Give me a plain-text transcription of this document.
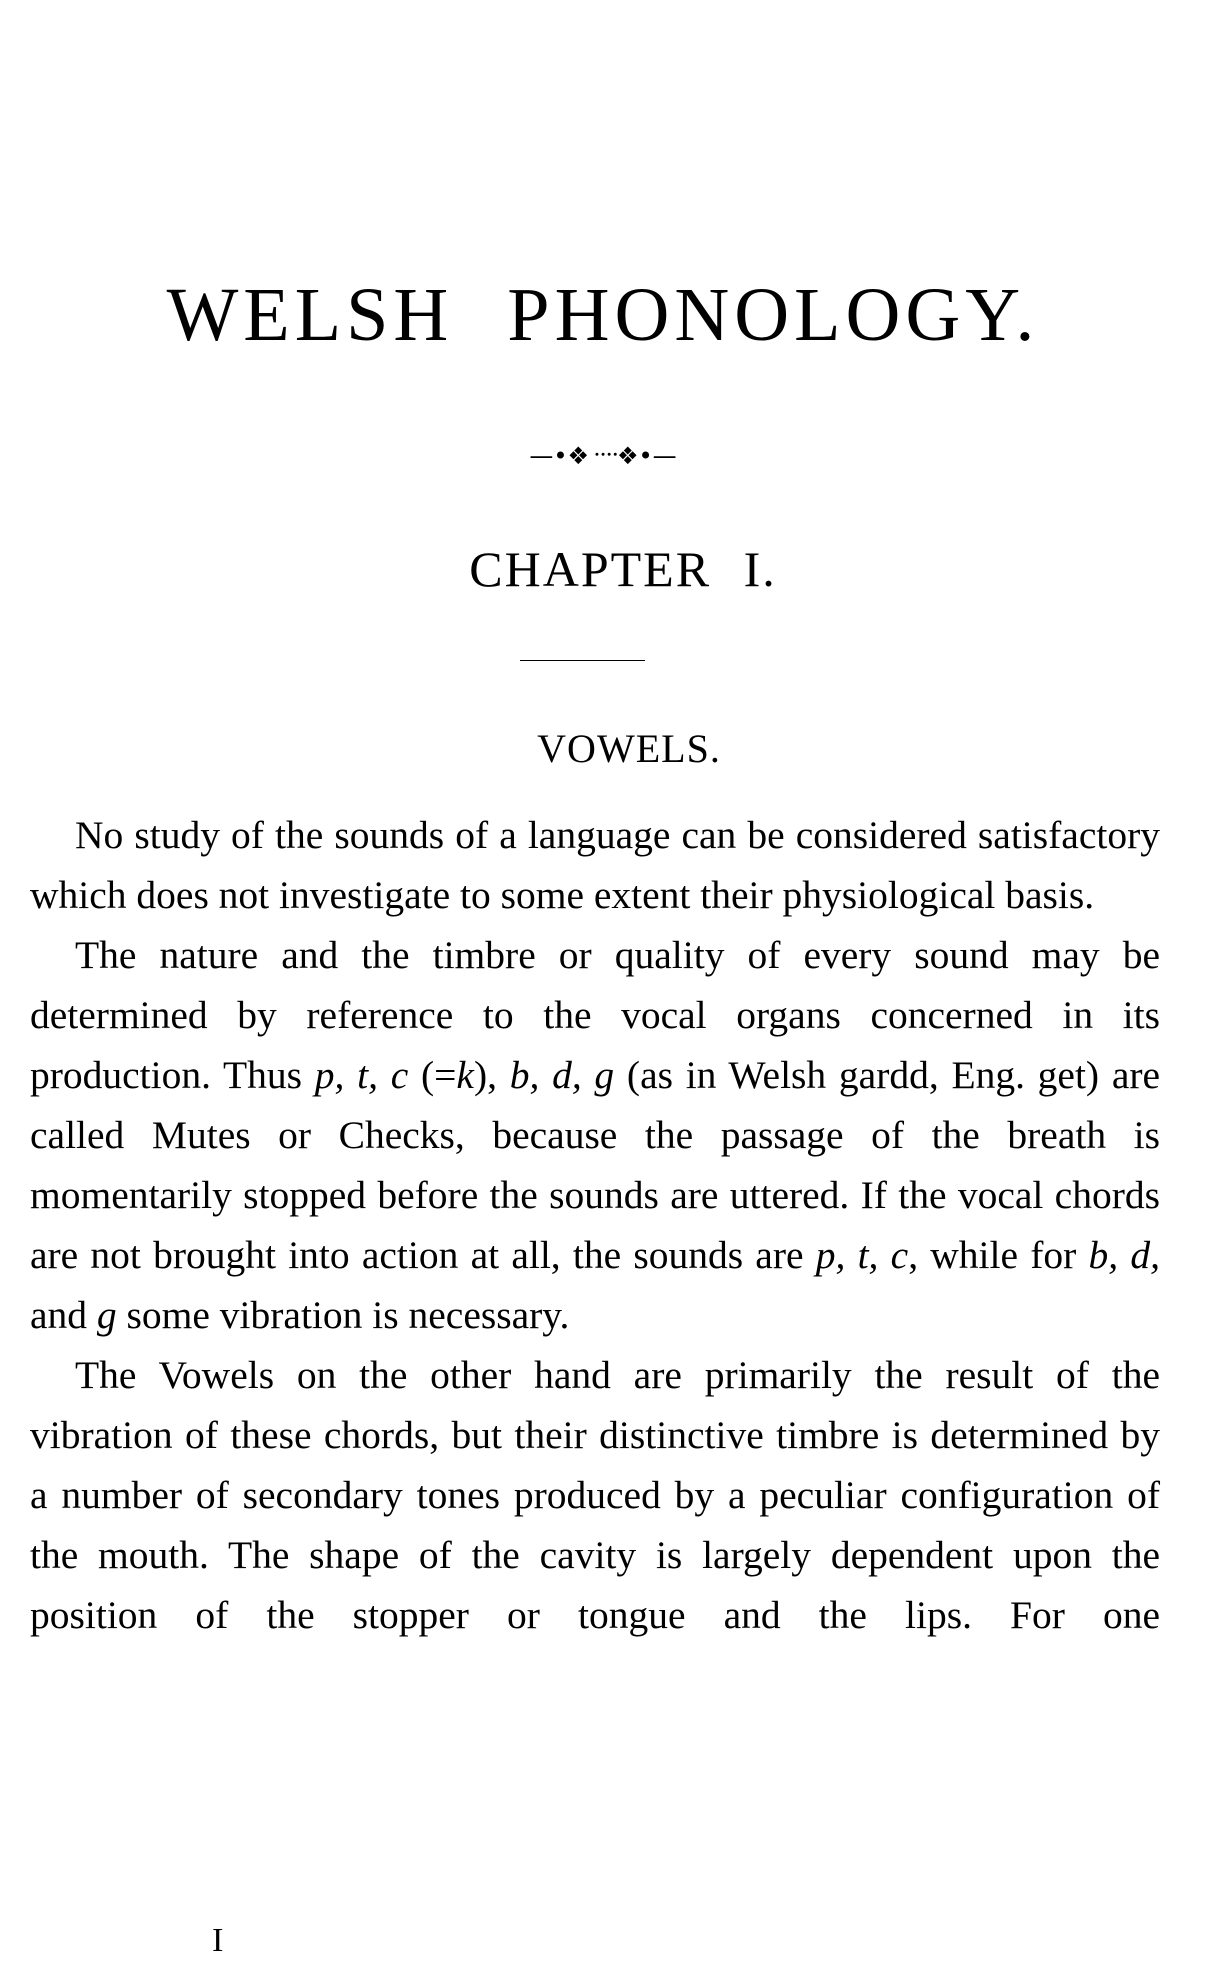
WELSH PHONOLOGY.
—•❖᠁❖•—
CHAPTER I.
VOWELS.

No study of the sounds of a language can be considered satisfactory which does not investigate to some extent their physiological basis.

The nature and the timbre or quality of every sound may be determined by reference to the vocal organs concerned in its production. Thus p, t, c (=k), b, d, g (as in Welsh gardd, Eng. get) are called Mutes or Checks, because the passage of the breath is momentarily stopped before the sounds are uttered. If the vocal chords are not brought into action at all, the sounds are p, t, c, while for b, d, and g some vibration is necessary.

The Vowels on the other hand are primarily the result of the vibration of these chords, but their distinctive timbre is determined by a number of secondary tones produced by a peculiar configuration of the mouth. The shape of the cavity is largely dependent upon the position of the stopper or tongue and the lips. For one

I
